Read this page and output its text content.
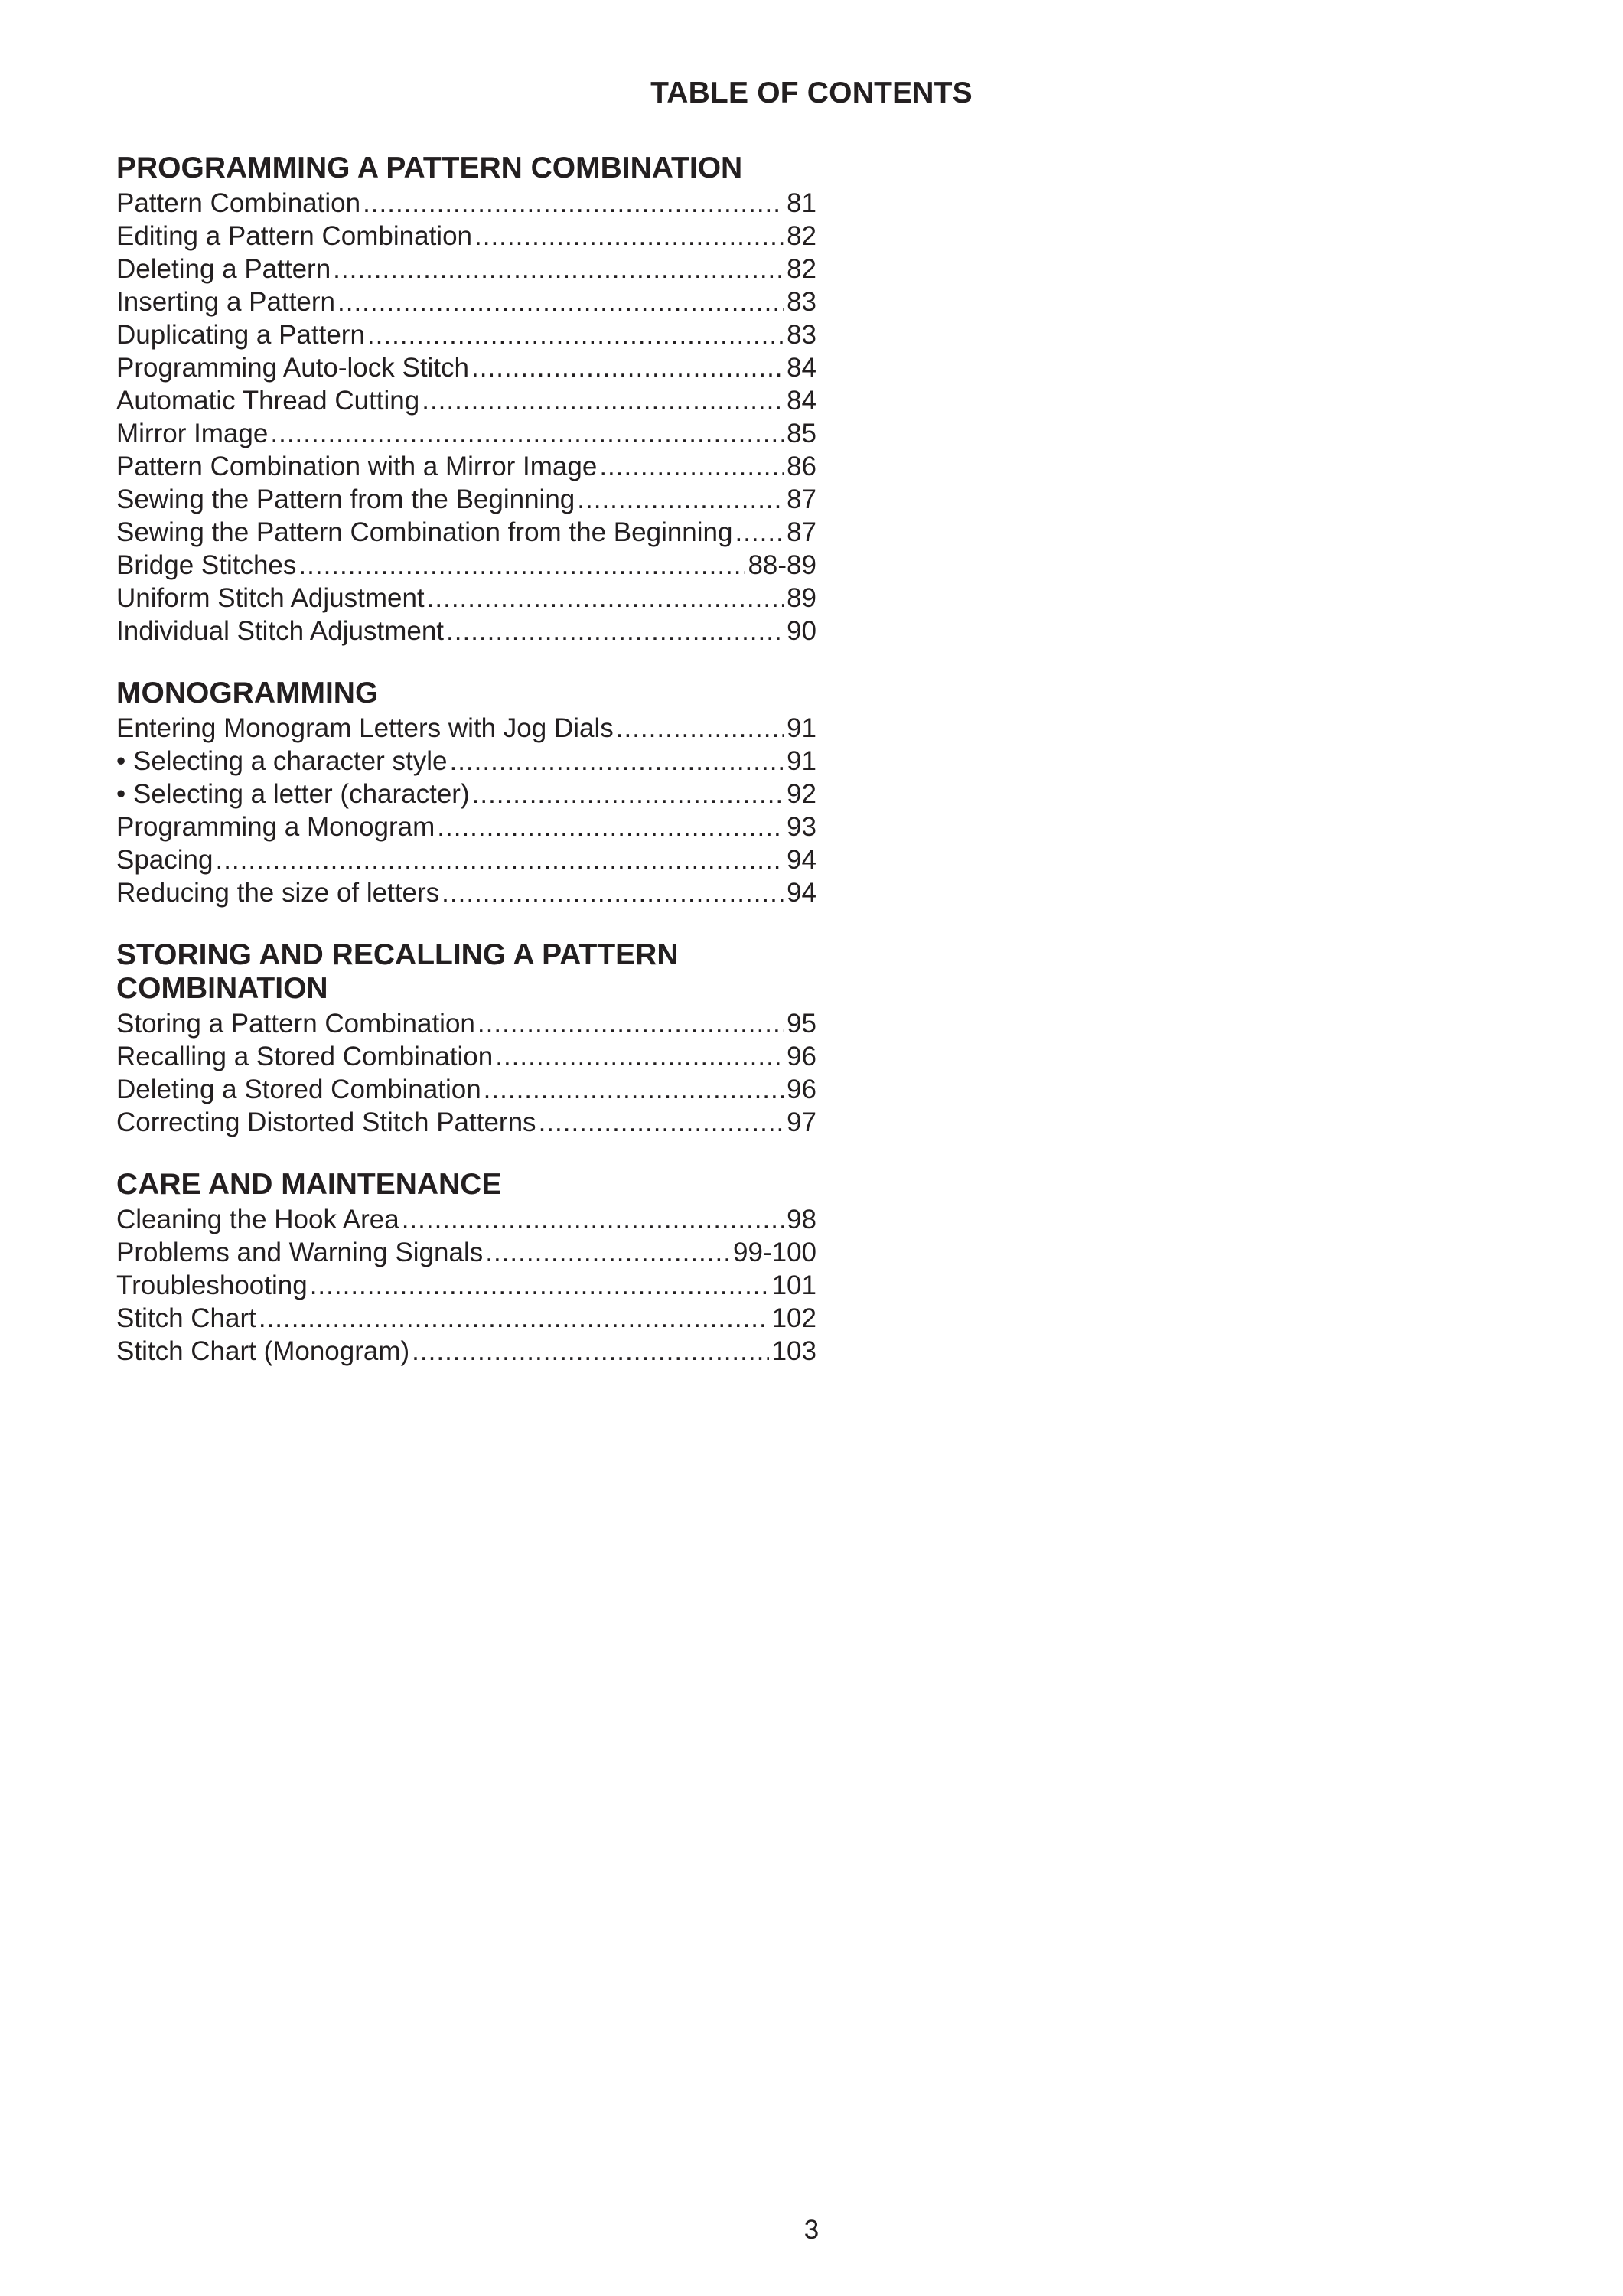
TABLE OF CONTENTS
PROGRAMMING A PATTERN COMBINATION
Pattern Combination .....	81
Editing a Pattern Combination .....	82
Deleting a Pattern .....	82
Inserting a Pattern .....	83
Duplicating a Pattern .....	83
Programming Auto-lock Stitch .....	84
Automatic Thread Cutting .....	84
Mirror Image .....	85
Pattern Combination with a Mirror Image .....	86
Sewing the Pattern from the Beginning .....	87
Sewing the Pattern Combination from the Beginning ..... 87
Bridge Stitches .....	88-89
Uniform Stitch Adjustment .....	89
Individual Stitch Adjustment .....	90
MONOGRAMMING
Entering Monogram Letters with Jog Dials .....	91
• Selecting a character style .....	91
• Selecting a letter (character) .....	92
Programming a Monogram .....	93
Spacing .....	94
Reducing the size of letters .....	94
STORING AND RECALLING A PATTERN
COMBINATION
Storing a Pattern Combination .....	95
Recalling a Stored Combination .....	96
Deleting a Stored Combination .....	96
Correcting Distorted Stitch Patterns .....	97
CARE AND MAINTENANCE
Cleaning the Hook Area .....	98
Problems and Warning Signals .....	99-100
Troubleshooting .....	101
Stitch Chart .....	102
Stitch Chart (Monogram) .....	103
3
